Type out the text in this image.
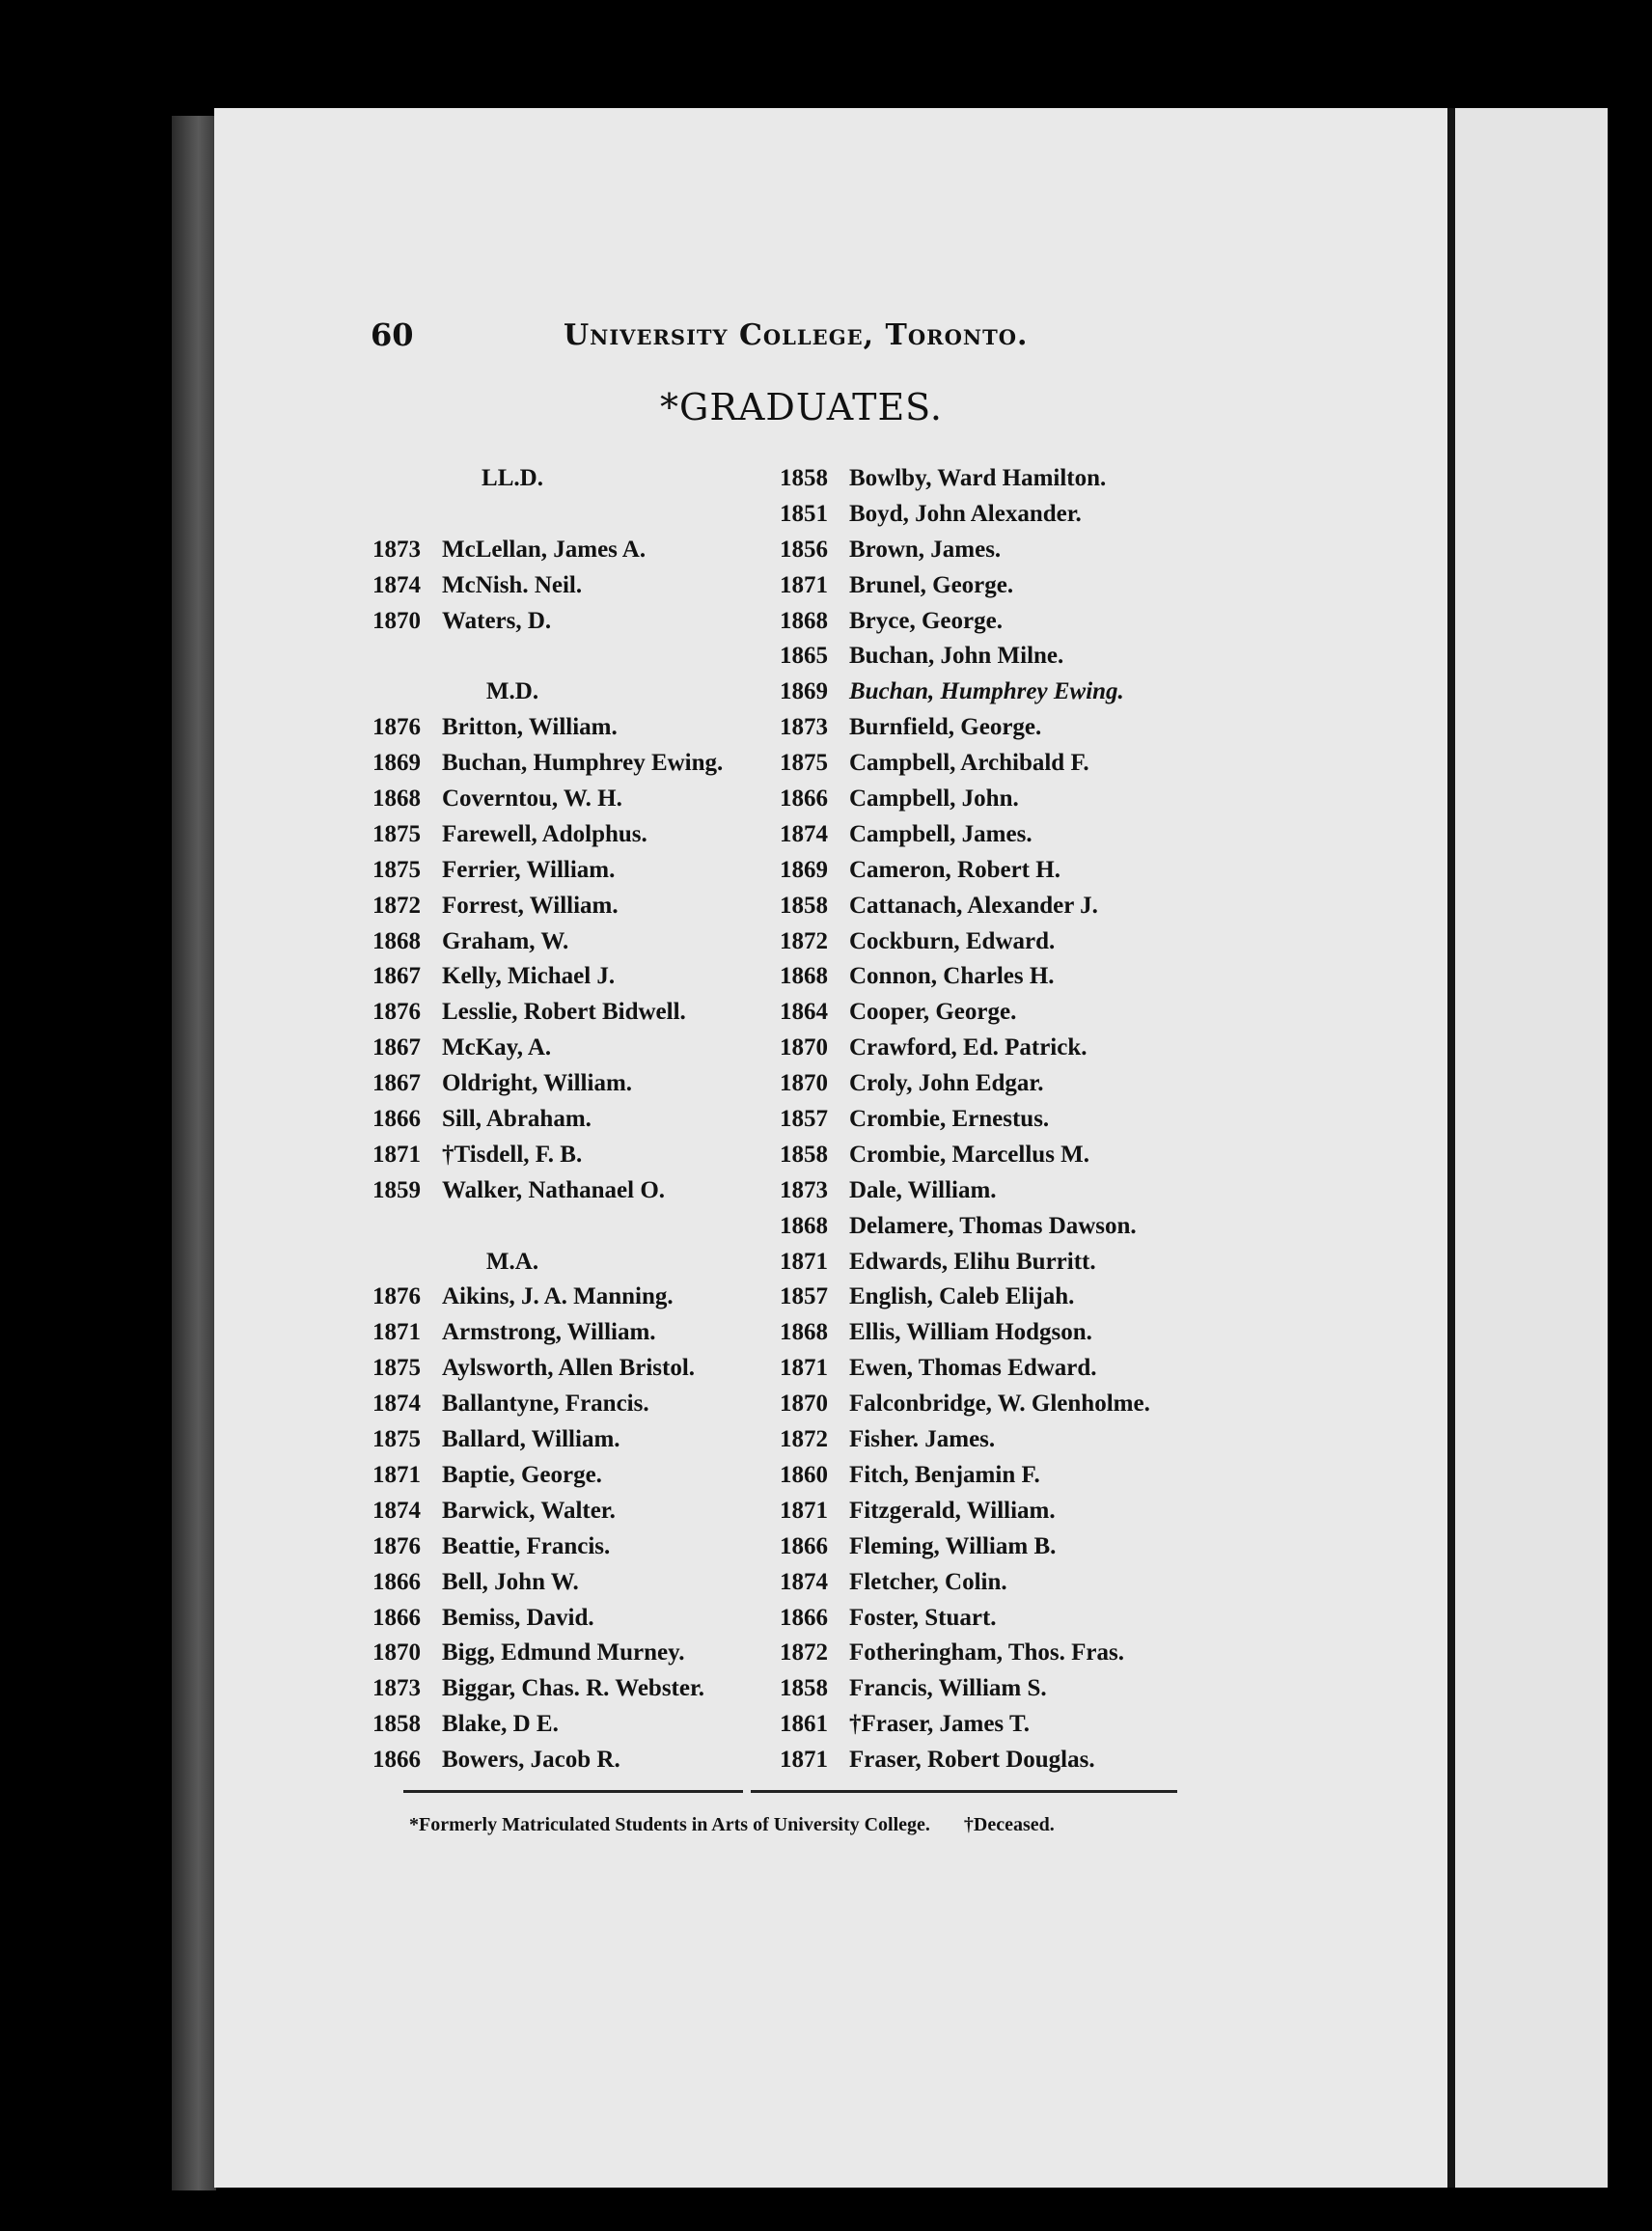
60	University College, Toronto.
*GRADUATES.
LL.D.
1873 McLellan, James A.
1874 McNish. Neil.
1870 Waters, D.
M.D.
1876 Britton, William.
1869 Buchan, Humphrey Ewing.
1868 Coverntou, W. H.
1875 Farewell, Adolphus.
1875 Ferrier, William.
1872 Forrest, William.
1868 Graham, W.
1867 Kelly, Michael J.
1876 Lesslie, Robert Bidwell.
1867 McKay, A.
1867 Oldright, William.
1866 Sill, Abraham.
1871 †Tisdell, F. B.
1859 Walker, Nathanael O.
M.A.
1876 Aikins, J. A. Manning.
1871 Armstrong, William.
1875 Aylsworth, Allen Bristol.
1874 Ballantyne, Francis.
1875 Ballard, William.
1871 Baptie, George.
1874 Barwick, Walter.
1876 Beattie, Francis.
1866 Bell, John W.
1866 Bemiss, David.
1870 Bigg, Edmund Murney.
1873 Biggar, Chas. R. Webster.
1858 Blake, D E.
1866 Bowers, Jacob R.
1858 Bowlby, Ward Hamilton.
1851 Boyd, John Alexander.
1856 Brown, James.
1871 Brunel, George.
1868 Bryce, George.
1865 Buchan, John Milne.
1869 Buchan, Humphrey Ewing.
1873 Burnfield, George.
1875 Campbell, Archibald F.
1866 Campbell, John.
1874 Campbell, James.
1869 Cameron, Robert H.
1858 Cattanach, Alexander J.
1872 Cockburn, Edward.
1868 Connon, Charles H.
1864 Cooper, George.
1870 Crawford, Ed. Patrick.
1870 Croly, John Edgar.
1857 Crombie, Ernestus.
1858 Crombie, Marcellus M.
1873 Dale, William.
1868 Delamere, Thomas Dawson.
1871 Edwards, Elihu Burritt.
1857 English, Caleb Elijah.
1868 Ellis, William Hodgson.
1871 Ewen, Thomas Edward.
1870 Falconbridge, W. Glenholme.
1872 Fisher. James.
1860 Fitch, Benjamin F.
1871 Fitzgerald, William.
1866 Fleming, William B.
1874 Fletcher, Colin.
1866 Foster, Stuart.
1872 Fotheringham, Thos. Fras.
1858 Francis, William S.
1861 †Fraser, James T.
1871 Fraser, Robert Douglas.
*Formerly Matriculated Students in Arts of University College. †Deceased.
